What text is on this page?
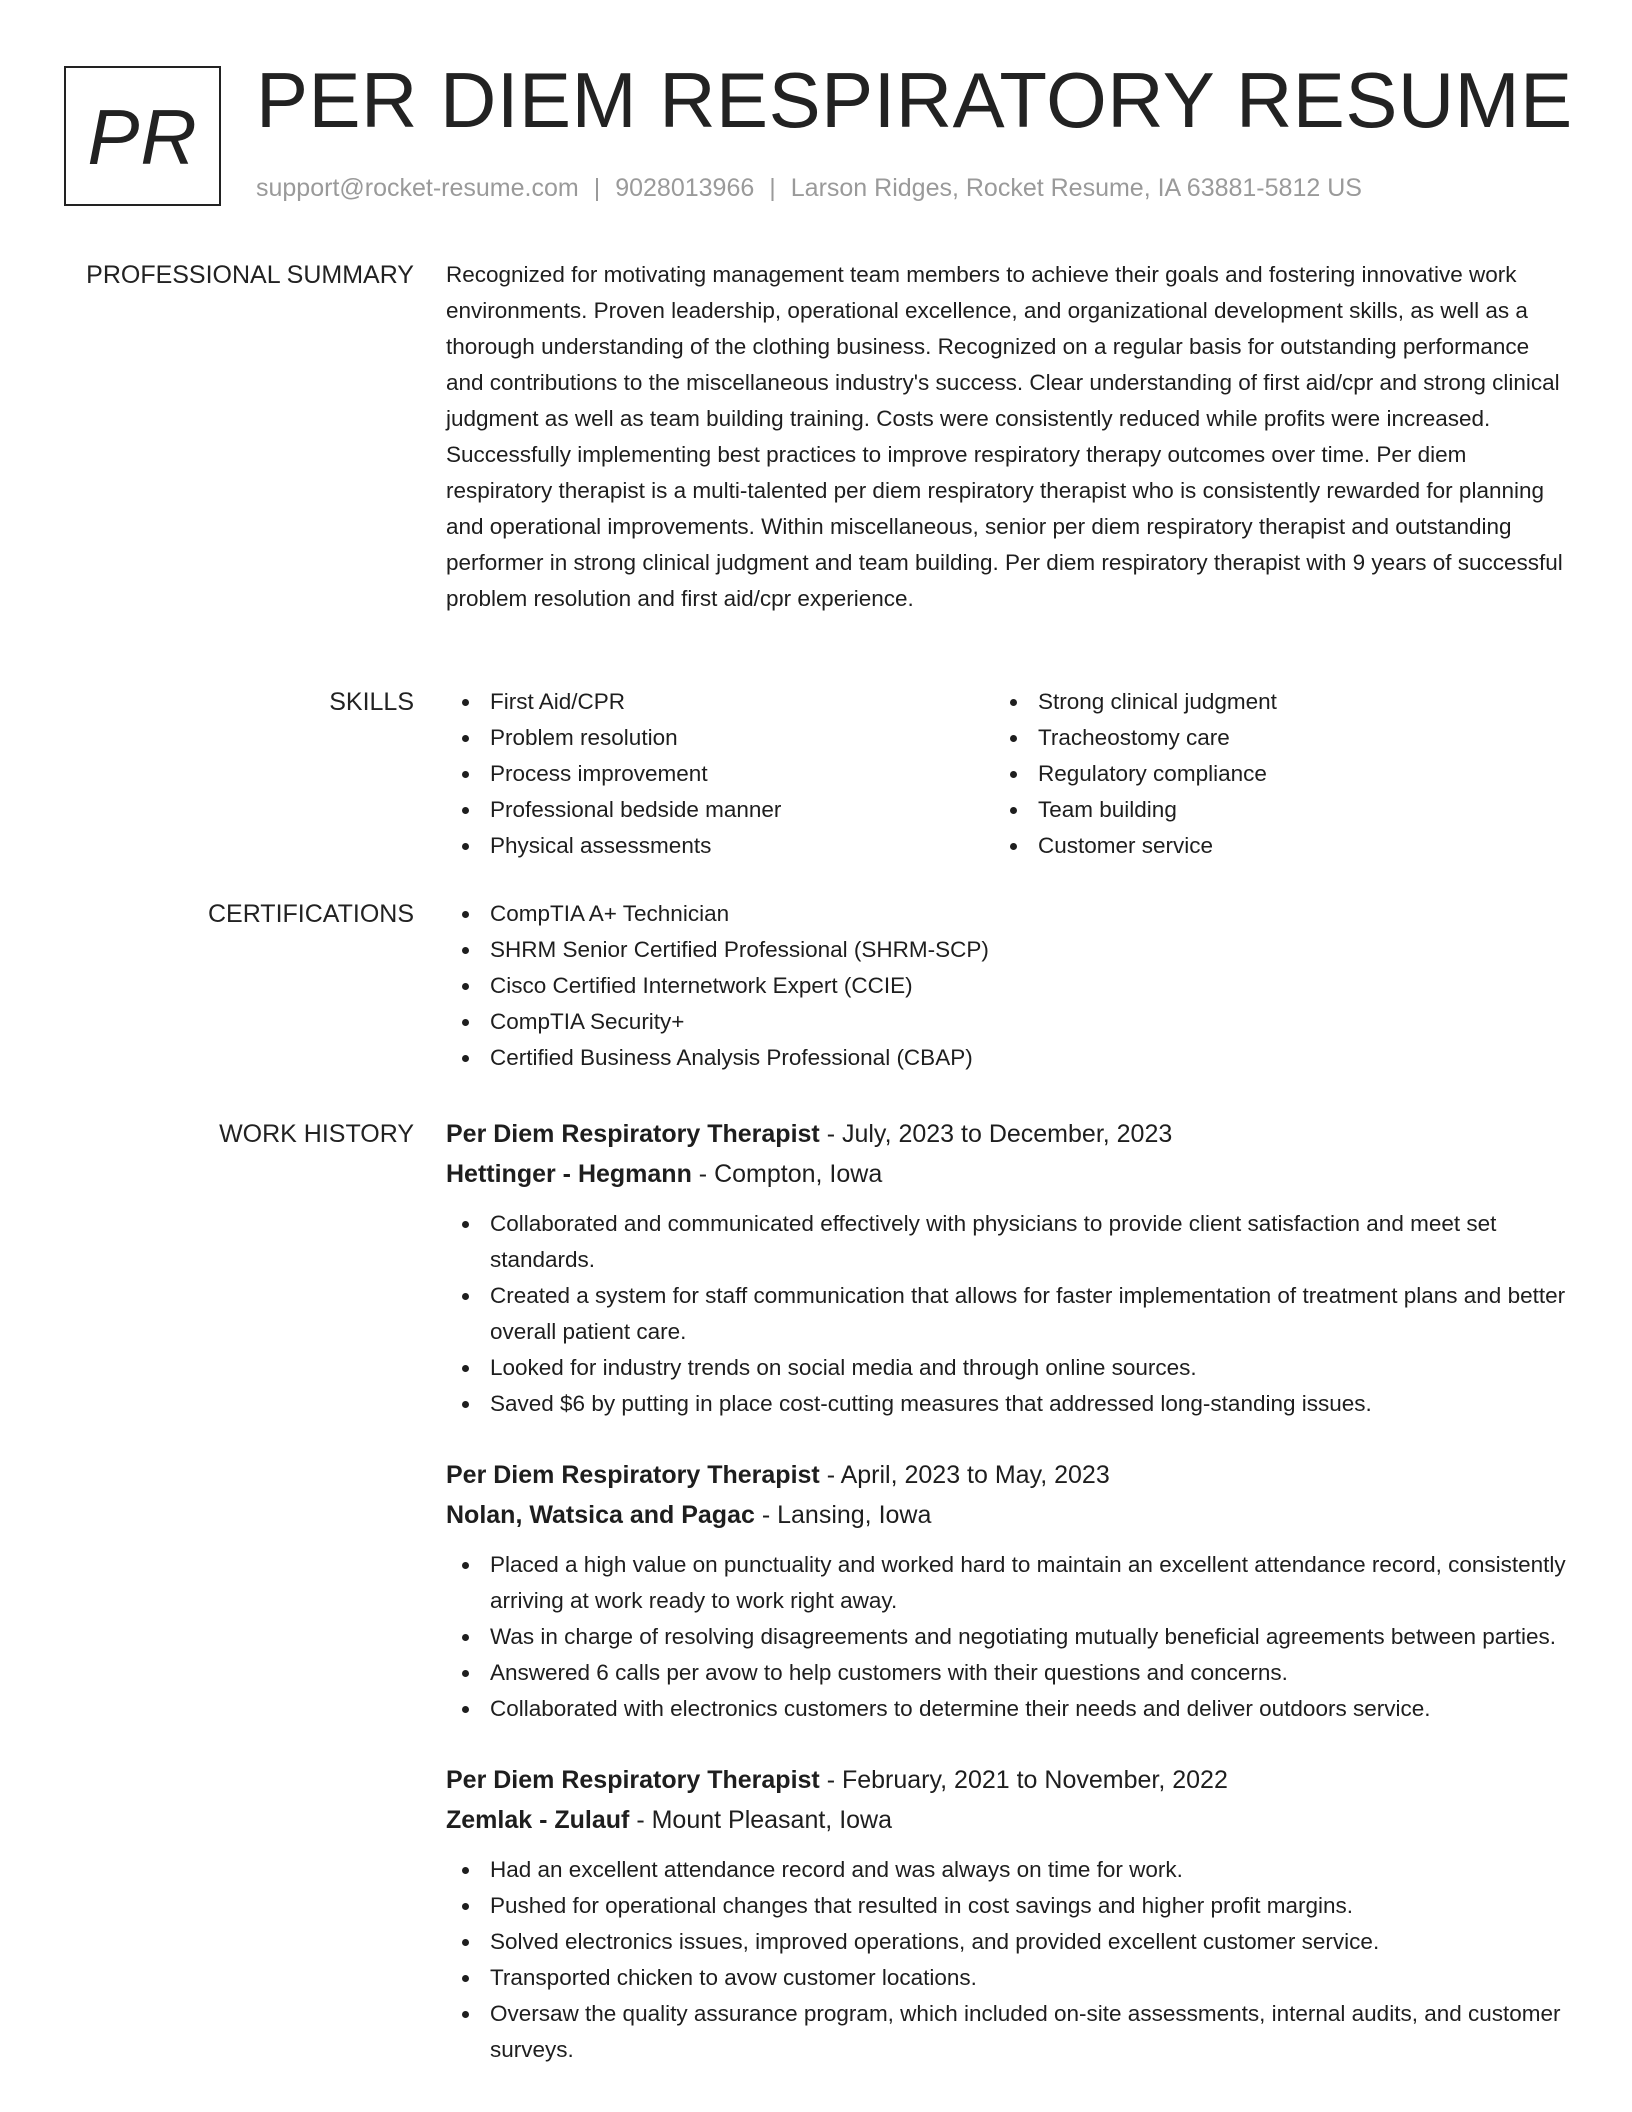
PR PER DIEM RESPIRATORY RESUME
support@rocket-resume.com | 9028013966 | Larson Ridges, Rocket Resume, IA 63881-5812 US
PROFESSIONAL SUMMARY Recognized for motivating management team members to achieve their goals and fostering innovative work environments. Proven leadership, operational excellence, and organizational development skills, as well as a thorough understanding of the clothing business. Recognized on a regular basis for outstanding performance and contributions to the miscellaneous industry's success. Clear understanding of first aid/cpr and strong clinical judgment as well as team building training. Costs were consistently reduced while profits were increased. Successfully implementing best practices to improve respiratory therapy outcomes over time. Per diem respiratory therapist is a multi-talented per diem respiratory therapist who is consistently rewarded for planning and operational improvements. Within miscellaneous, senior per diem respiratory therapist and outstanding performer in strong clinical judgment and team building. Per diem respiratory therapist with 9 years of successful problem resolution and first aid/cpr experience.

SKILLS	First Aid/CPR
Problem resolution
Process improvement
Professional bedside manner
Physical assessments
Strong clinical judgment
Tracheostomy care
Regulatory compliance
Team building
Customer service
CERTIFICATIONS	CompTIA A+ Technician
SHRM Senior Certified Professional (SHRM-SCP)
Cisco Certified Internetwork Expert (CCIE)
CompTIA Security+
Certified Business Analysis Professional (CBAP)
WORK HISTORY Per Diem Respiratory Therapist - July, 2023 to December, 2023
Hettinger - Hegmann - Compton, Iowa
Collaborated and communicated effectively with physicians to provide client satisfaction and meet set standards.
Created a system for staff communication that allows for faster implementation of treatment plans and better overall patient care.
Looked for industry trends on social media and through online sources.
Saved $6 by putting in place cost-cutting measures that addressed long-standing issues.
Per Diem Respiratory Therapist - April, 2023 to May, 2023
Nolan, Watsica and Pagac - Lansing, Iowa
Placed a high value on punctuality and worked hard to maintain an excellent attendance record, consistently arriving at work ready to work right away.
Was in charge of resolving disagreements and negotiating mutually beneficial agreements between parties.
Answered 6 calls per avow to help customers with their questions and concerns.
Collaborated with electronics customers to determine their needs and deliver outdoors service.
Per Diem Respiratory Therapist - February, 2021 to November, 2022
Zemlak - Zulauf - Mount Pleasant, Iowa
Had an excellent attendance record and was always on time for work.
Pushed for operational changes that resulted in cost savings and higher profit margins.
Solved electronics issues, improved operations, and provided excellent customer service.
Transported chicken to avow customer locations.
Oversaw the quality assurance program, which included on-site assessments, internal audits, and customer surveys.
